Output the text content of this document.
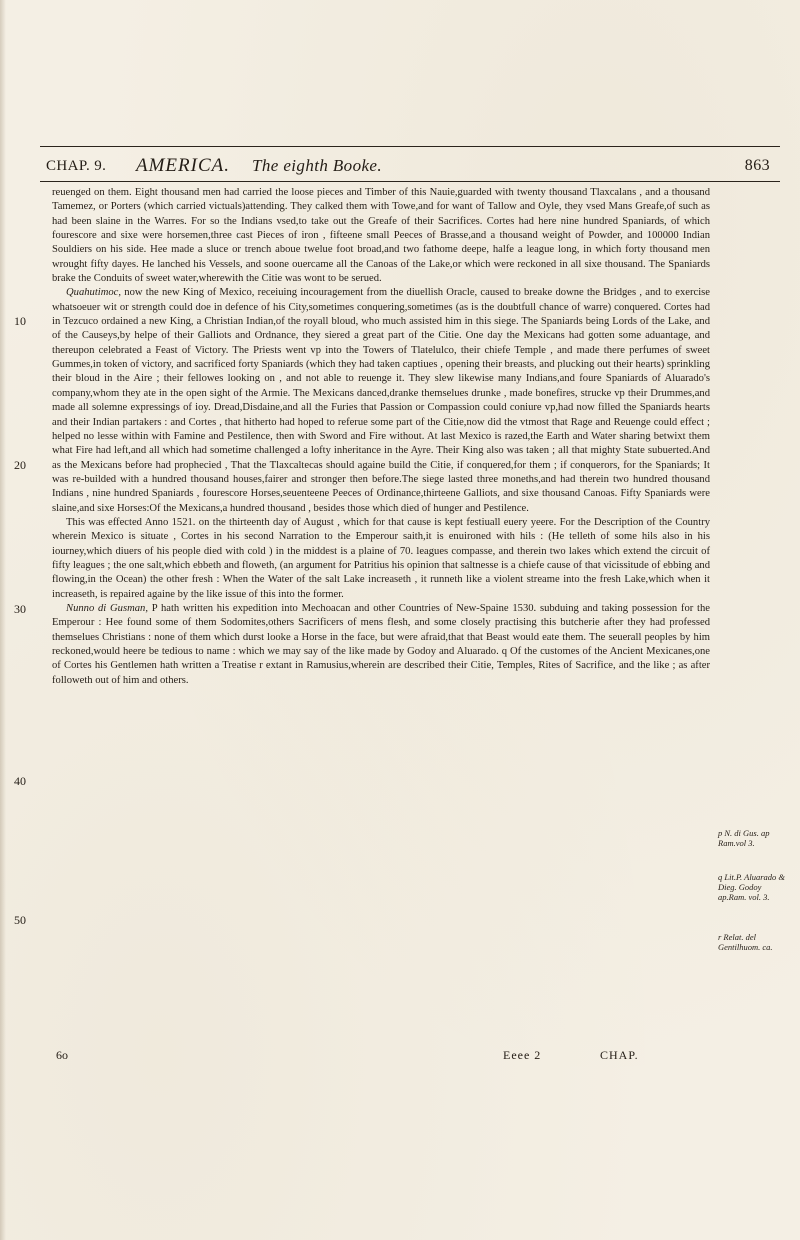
CHAP. 9. AMERICA. The eighth Booke.	863
10
20
30
40
50

reuenged on them. Eight thousand men had carried the loose pieces and Timber of this Nauie,guarded with twenty thousand Tlaxcalans , and a thousand Tamemez, or Porters (which carried victuals)attending. They calked them with Towe,and for want of Tallow and Oyle, they vsed Mans Greafe,of such as had been slaine in the Warres. For so the Indians vsed,to take out the Greafe of their Sacrifices. Cortes had here nine hundred Spaniards, of which fourescore and sixe were horsemen,three cast Pieces of iron , fifteene small Peeces of Brasse,and a thousand weight of Powder, and 100000 Indian Souldiers on his side. Hee made a sluce or trench aboue twelue foot broad,and two fathome deepe, halfe a league long, in which forty thousand men wrought fifty dayes. He lanched his Vessels, and soone ouercame all the Canoas of the Lake,or which were reckoned in all sixe thousand. The Spaniards brake the Conduits of sweet water,wherewith the Citie was wont to be serued.

Quahutimoc, now the new King of Mexico, receiuing incouragement from the diuellish Oracle, caused to breake downe the Bridges , and to exercise whatsoeuer wit or strength could doe in defence of his City,sometimes conquering,sometimes (as is the doubtfull chance of warre) conquered. Cortes had in Tezcuco ordained a new King, a Christian Indian,of the royall bloud, who much assisted him in this siege. The Spaniards being Lords of the Lake, and of the Causeys,by helpe of their Galliots and Ordnance, they siered a great part of the Citie. One day the Mexicans had gotten some aduantage, and thereupon celebrated a Feast of Victory. The Priests went vp into the Towers of Tlatelulco, their chiefe Temple , and made there perfumes of sweet Gummes,in token of victory, and sacrificed forty Spaniards (which they had taken captiues , opening their breasts, and plucking out their hearts) sprinkling their bloud in the Aire ; their fellowes looking on , and not able to reuenge it. They slew likewise many Indians,and foure Spaniards of Aluarado's company,whom they ate in the open sight of the Armie. The Mexicans danced,dranke themselues drunke , made bonefires, strucke vp their Drummes,and made all solemne expressings of ioy. Dread,Disdaine,and all the Furies that Passion or Compassion could coniure vp,had now filled the Spaniards hearts and their Indian partakers : and Cortes , that hitherto had hoped to referue some part of the Citie,now did the vtmost that Rage and Reuenge could effect ; helped no lesse within with Famine and Pestilence, then with Sword and Fire without. At last Mexico is razed,the Earth and Water sharing betwixt them what Fire had left,and all which had sometime challenged a lofty inheritance in the Ayre. Their King also was taken ; all that mighty State subuerted.And as the Mexicans before had prophecied , That the Tlaxcaltecas should againe build the Citie, if conquered,for them ; if conquerors, for the Spaniards; It was re-builded with a hundred thousand houses,fairer and stronger then before.The siege lasted three moneths,and had therein two hundred thousand Indians , nine hundred Spaniards , fourescore Horses,seuenteene Peeces of Ordinance,thirteene Galliots, and sixe thousand Canoas. Fifty Spaniards were slaine,and sixe Horses:Of the Mexicans,a hundred thousand , besides those which died of hunger and Pestilence.

This was effected Anno 1521. on the thirteenth day of August , which for that cause is kept festiuall euery yeere. For the Description of the Country wherein Mexico is situate , Cortes in his second Narration to the Emperour saith,it is enuironed with hils : (He telleth of some hils also in his iourney,which diuers of his people died with cold ) in the middest is a plaine of 70. leagues compasse, and therein two lakes which extend the circuit of fifty leagues ; the one salt,which ebbeth and floweth, (an argument for Patritius his opinion that saltnesse is a chiefe cause of that vicissitude of ebbing and flowing,in the Ocean) the other fresh : When the Water of the salt Lake increaseth , it runneth like a violent streame into the fresh Lake,which when it increaseth, is repaired againe by the like issue of this into the former.

Nunno di Gusman, P hath written his expedition into Mechoacan and other Countries of New-Spaine 1530. subduing and taking possession for the Emperour : Hee found some of them Sodomites,others Sacrificers of mens flesh, and some closely practising this butcherie after they had professed themselues Christians : none of them which durst looke a Horse in the face, but were afraid,that that Beast would eate them. The seuerall peoples by him reckoned,would heere be tedious to name : which we may say of the like made by Godoy and Aluarado. q Of the customes of the Ancient Mexicanes,one of Cortes his Gentlemen hath written a Treatise r extant in Ramusius,wherein are described their Citie, Temples, Rites of Sacrifice, and the like ; as after followeth out of him and others.

p N. di Gus. ap Ram.vol 3.
q Lit.P. Aluarado & Dieg. Godoy ap.Ram. vol. 3.
r Relat. del Gentilhuom. ca.
6o	Eeee 2	CHAP.
